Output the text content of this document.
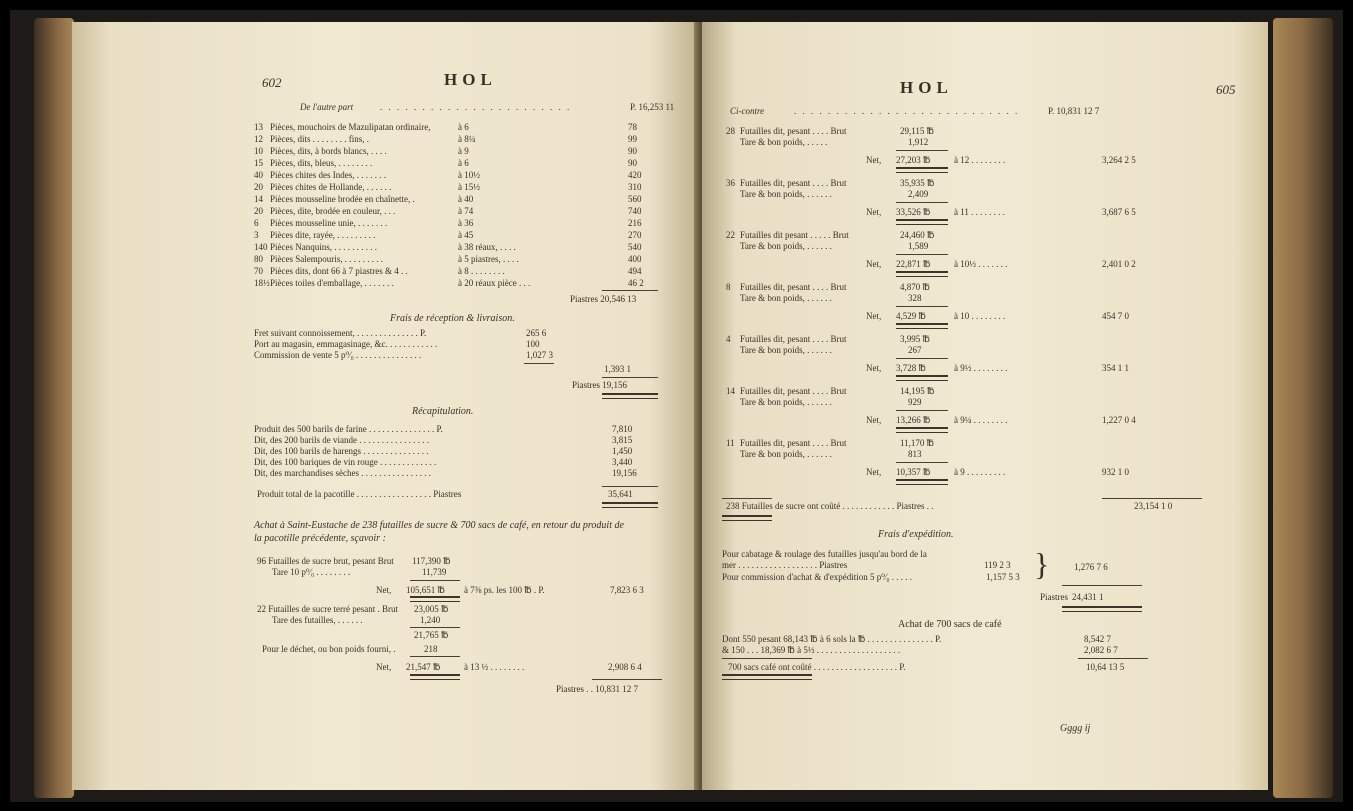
602	HOL
De l'autre part	. . . . . . . . . . . . . . . . . . . . . . .	P. 16,253 11
13 Pièces, mouchoirs de Mazulipatan ordinaire,	à 6	78
12 Pièces, dits . . . . . . . . fins, .	à 8¼	99
10 Pièces, dits, à bords blancs, . . . .	à 9	90
15 Pièces, dits, bleus, . . . . . . . .	à 6	90
40 Pièces chites des Indes, . . . . . . .	à 10½	420
20 Pièces chites de Hollande, . . . . . .	à 15½	310
14 Pièces mousseline brodée en chaînette, .	à 40	560
20 Pièces, dite, brodée en couleur, . . .	à 74	740
6 Pièces mousseline unie, . . . . . . .	à 36	216
3 Pièces dite, rayée, . . . . . . . . .	à 45	270
140 Pièces Nanquins, . . . . . . . . . .	à 38 réaux, . . . .	540
80 Pièces Salempouris, . . . . . . . . .	à 5 piastres, . . . .	400
70 Pièces dits, dont 66 à 7 piastres & 4 . .	à 8 . . . . . . . .	494
18½ Pièces toiles d'emballage, . . . . . . .	à 20 réaux pièce . . .	46 2
Piastres 20,546 13
Frais de réception & livraison.
Fret suivant connoissement, . . . . . . . . . . . . . . P.	265 6
Port au magasin, emmagasinage, &c. . . . . . . . . . . .	100
Commission de vente 5 p⁰⁄₀ . . . . . . . . . . . . . . .	1,027 3
1,393 1
Piastres 19,156
Récapitulation.
Produit des 500 barils de farine . . . . . . . . . . . . . . . P.	7,810
Dit, des 200 barils de viande . . . . . . . . . . . . . . . .	3,815
Dit, des 100 barils de harengs . . . . . . . . . . . . . . .	1,450
Dit, des 100 bariques de vin rouge . . . . . . . . . . . . .	3,440
Dit, des marchandises sèches . . . . . . . . . . . . . . . .	19,156
Produit total de la pacotille . . . . . . . . . . . . . . . . . Piastres	35,641
Achat à Saint-Eustache de 238 futailles de sucre & 700 sacs de café, en retour du produit de
la pacotille précédente, sçavoir :
96 Futailles de sucre brut, pesant Brut 117,390 ℔
Tare 10 p⁰⁄₀ . . . . . . . .	11,739
Net, 105,651 ℔ à 7⅜ ps. les 100 ℔ . P.	7,823 6 3
22 Futailles de sucre terré pesant . Brut 23,005 ℔
Tare des futailles, . . . . . .	1,240
21,765 ℔
Pour le déchet, ou bon poids fourni, .	218
Net, 21,547 ℔	à 13 ½ . . . . . . . .	2,908 6 4
Piastres . . 10,831 12 7
HOL	605
Ci-contre	. . . . . . . . . . . . . . . . . . . . . . . . . . .	P. 10,831 12 7
28 Futailles dit, pesant . . . . Brut	29,115 ℔
Tare & bon poids, . . . . .	1,912
Net, 27,203 ℔	à 12 . . . . . . . .	3,264 2 5
36 Futailles dit, pesant . . . . Brut	35,935 ℔
Tare & bon poids, . . . . . .	2,409
Net, 33,526 ℔	à 11 . . . . . . . .	3,687 6 5
22 Futailles dit pesant . . . . . Brut	24,460 ℔
Tare & bon poids, . . . . . .	1,589
Net, 22,871 ℔	à 10½ . . . . . . .	2,401 0 2
8 Futailles dit, pesant . . . . Brut	4,870 ℔
Tare & bon poids, . . . . . .	328
Net, 4,529 ℔	à 10 . . . . . . . .	454 7 0
4 Futailles dit, pesant . . . . Brut	3,995 ℔
Tare & bon poids, . . . . . .	267
Net, 3,728 ℔	à 9½ . . . . . . . .	354 1 1
14 Futailles dit, pesant . . . . Brut	14,195 ℔
Tare & bon poids, . . . . . .	929
Net, 13,266 ℔	à 9¼ . . . . . . . .	1,227 0 4
11 Futailles dit, pesant . . . . Brut	11,170 ℔
Tare & bon poids, . . . . . .	813
Net, 10,357 ℔	à 9 . . . . . . . . .	932 1 0
238 Futailles de sucre ont coûté . . . . . . . . . . . . Piastres . .	23,154 1 0
Frais d'expédition.
Pour cabatage & roulage des futailles jusqu'au bord de la
mer . . . . . . . . . . . . . . . . . . Piastres	119 2 3
Pour commission d'achat & d'expédition 5 p⁰⁄₀ . . . . .	1,157 5 3 }	1,276 7 6
Piastres 24,431 1
Achat de 700 sacs de café
Dont 550 pesant 68,143 ℔ à 6 sols la ℔ . . . . . . . . . . . . . . . P.	8,542 7
& 150 . . . 18,369 ℔ à 5½ . . . . . . . . . . . . . . . . . . .	2,082 6 7
700 sacs café ont coûté . . . . . . . . . . . . . . . . . . . P.	10,64 13 5
Gggg ij
